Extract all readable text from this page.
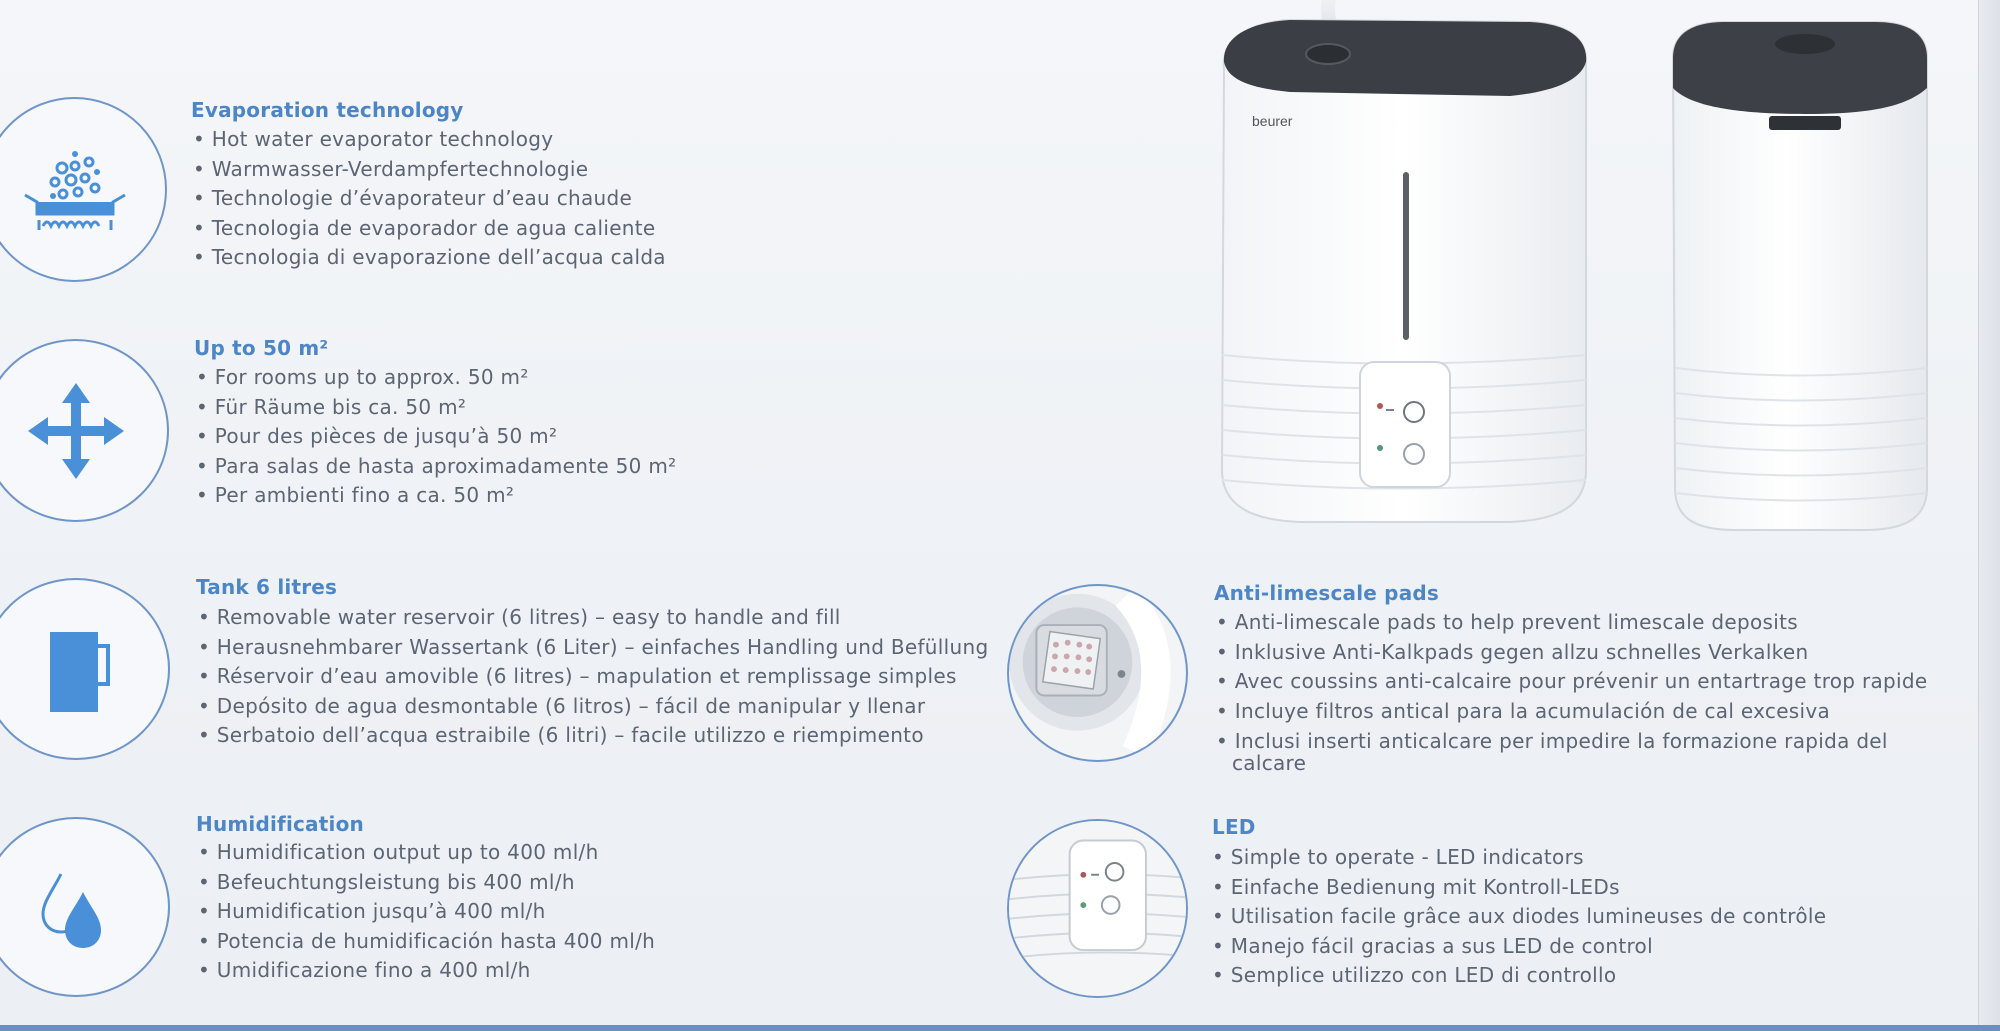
Evaporation technology
• Hot water evaporator technology
• Warmwasser-Verdampfertechnologie
• Technologie d’évaporateur d’eau chaude
• Tecnologia de evaporador de agua caliente
• Tecnologia di evaporazione dell’acqua calda
Up to 50 m²
• For rooms up to approx. 50 m²
• Für Räume bis ca. 50 m²
• Pour des pièces de jusqu’à 50 m²
• Para salas de hasta aproximadamente 50 m²
• Per ambienti fino a ca. 50 m²
Tank 6 litres
• Removable water reservoir (6 litres) – easy to handle and fill
• Herausnehmbarer Wassertank (6 Liter) – einfaches Handling und Befüllung
• Réservoir d’eau amovible (6 litres) – mapulation et remplissage simples
• Depósito de agua desmontable (6 litros) – fácil de manipular y llenar
• Serbatoio dell’acqua estraibile (6 litri) – facile utilizzo e riempimento
Humidification
• Humidification output up to 400 ml/h
• Befeuchtungsleistung bis 400 ml/h
• Humidification jusqu’à 400 ml/h
• Potencia de humidificación hasta 400 ml/h
• Umidificazione fino a 400 ml/h
Anti-limescale pads
• Anti-limescale pads to help prevent limescale deposits
• Inklusive Anti-Kalkpads gegen allzu schnelles Verkalken
• Avec coussins anti-calcaire pour prévenir un entartrage trop rapide
• Incluye filtros antical para la acumulación de cal excesiva
• Inclusi inserti anticalcare per impedire la formazione rapida del
calcare
LED
• Simple to operate - LED indicators
• Einfache Bedienung mit Kontroll-LEDs
• Utilisation facile grâce aux diodes lumineuses de contrôle
• Manejo fácil gracias a sus LED de control
• Semplice utilizzo con LED di controllo
beurer
